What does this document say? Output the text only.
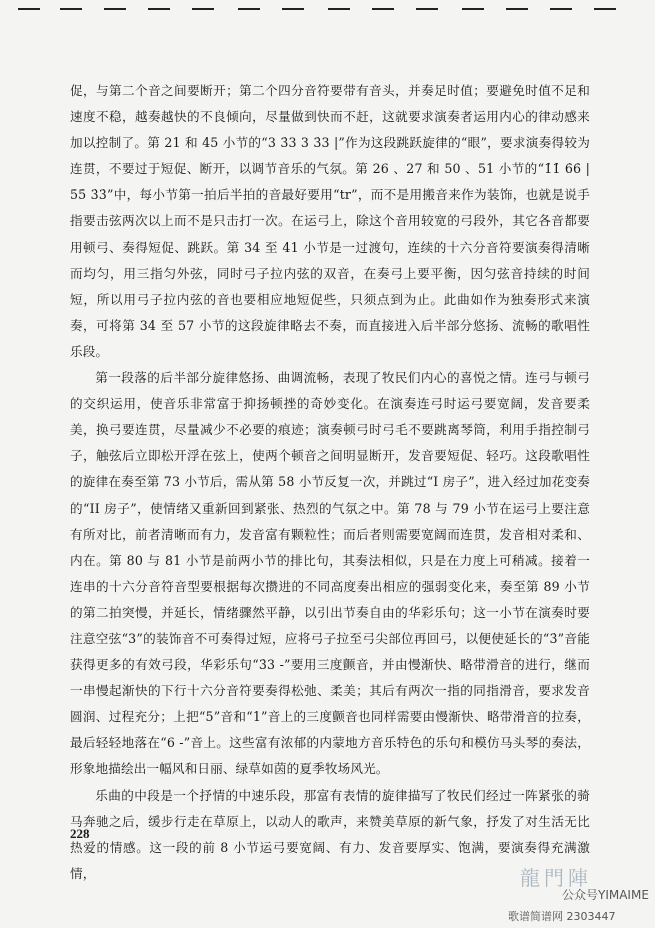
促，与第二个音之间要断开；第二个四分音符要带有音头，并奏足时值；要避免时值不足和速度不稳，越奏越快的不良倾向，尽量做到快而不赶，这就要求演奏者运用内心的律动感来加以控制了。第 21 和 45 小节的“3 3̇3 3 3̇3 |”作为这段跳跃旋律的“眼”，要求演奏得较为连贯，不要过于短促、断开，以调节音乐的气氛。第 26 、27 和 50 、51 小节的“1̇1̇ 6̇6̇ | 5̇5̇ 3̇3̇”中，每小节第一拍后半拍的音最好要用“tr”，而不是用搬音来作为装饰，也就是说手指要击弦两次以上而不是只击打一次。在运弓上，除这个音用较宽的弓段外，其它各音都要用顿弓、奏得短促、跳跃。第 34 至 41 小节是一过渡句，连续的十六分音符要演奏得清晰而均匀，用三指匀外弦，同时弓子拉内弦的双音，在奏弓上要平衡，因匀弦音持续的时间短，所以用弓子拉内弦的音也要相应地短促些，只须点到为止。此曲如作为独奏形式来演奏，可将第 34 至 57 小节的这段旋律略去不奏，而直接进入后半部分悠扬、流畅的歌唱性乐段。

第一段落的后半部分旋律悠扬、曲调流畅，表现了牧民们内心的喜悦之情。连弓与顿弓的交织运用，使音乐非常富于抑扬顿挫的奇妙变化。在演奏连弓时运弓要宽阔，发音要柔美，换弓要连贯，尽量减少不必要的痕迹；演奏顿弓时弓毛不要跳离琴筒，利用手指控制弓子，触弦后立即松开浮在弦上，使两个顿音之间明显断开，发音要短促、轻巧。这段歌唱性的旋律在奏至第 73 小节后，需从第 58 小节反复一次，并跳过“I 房子”，进入经过加花变奏的“II 房子”，使情绪又重新回到紧张、热烈的气氛之中。第 78 与 79 小节在运弓上要注意有所对比，前者清晰而有力，发音富有颗粒性；而后者则需要宽阔而连贯，发音相对柔和、内在。第 80 与 81 小节是前两小节的排比句，其奏法相似，只是在力度上可稍减。接着一连串的十六分音符音型要根据每次攒进的不同高度奏出相应的强弱变化来，奏至第 89 小节的第二拍突慢，并延长，情绪骤然平静，以引出节奏自由的华彩乐句；这一小节在演奏时要注意空弦“3”的装饰音不可奏得过短，应将弓子拉至弓尖部位再回弓，以便使延长的“3̇”音能获得更多的有效弓段，华彩乐句“3̇3 -”要用三度颤音，并由慢渐快、略带滑音的进行，继而一串慢起渐快的下行十六分音符要奏得松弛、柔美；其后有两次一指的同指滑音，要求发音圆润、过程充分；上把“5”音和“1”音上的三度颤音也同样需要由慢渐快、略带滑音的拉奏，最后轻轻地落在“6 -”音上。这些富有浓郁的内蒙地方音乐特色的乐句和模仿马头琴的奏法，形象地描绘出一幅风和日丽、绿草如茵的夏季牧场风光。

乐曲的中段是一个抒情的中速乐段，那富有表情的旋律描写了牧民们经过一阵紧张的骑马奔驰之后，缓步行走在草原上，以动人的歌声，来赞美草原的新气象，抒发了对生活无比热爱的情感。这一段的前 8 小节运弓要宽阔、有力、发音要厚实、饱满，要演奏得充满激情，

228
龍門陣
公众号YIMAIME
歌谱简谱网 2303447
